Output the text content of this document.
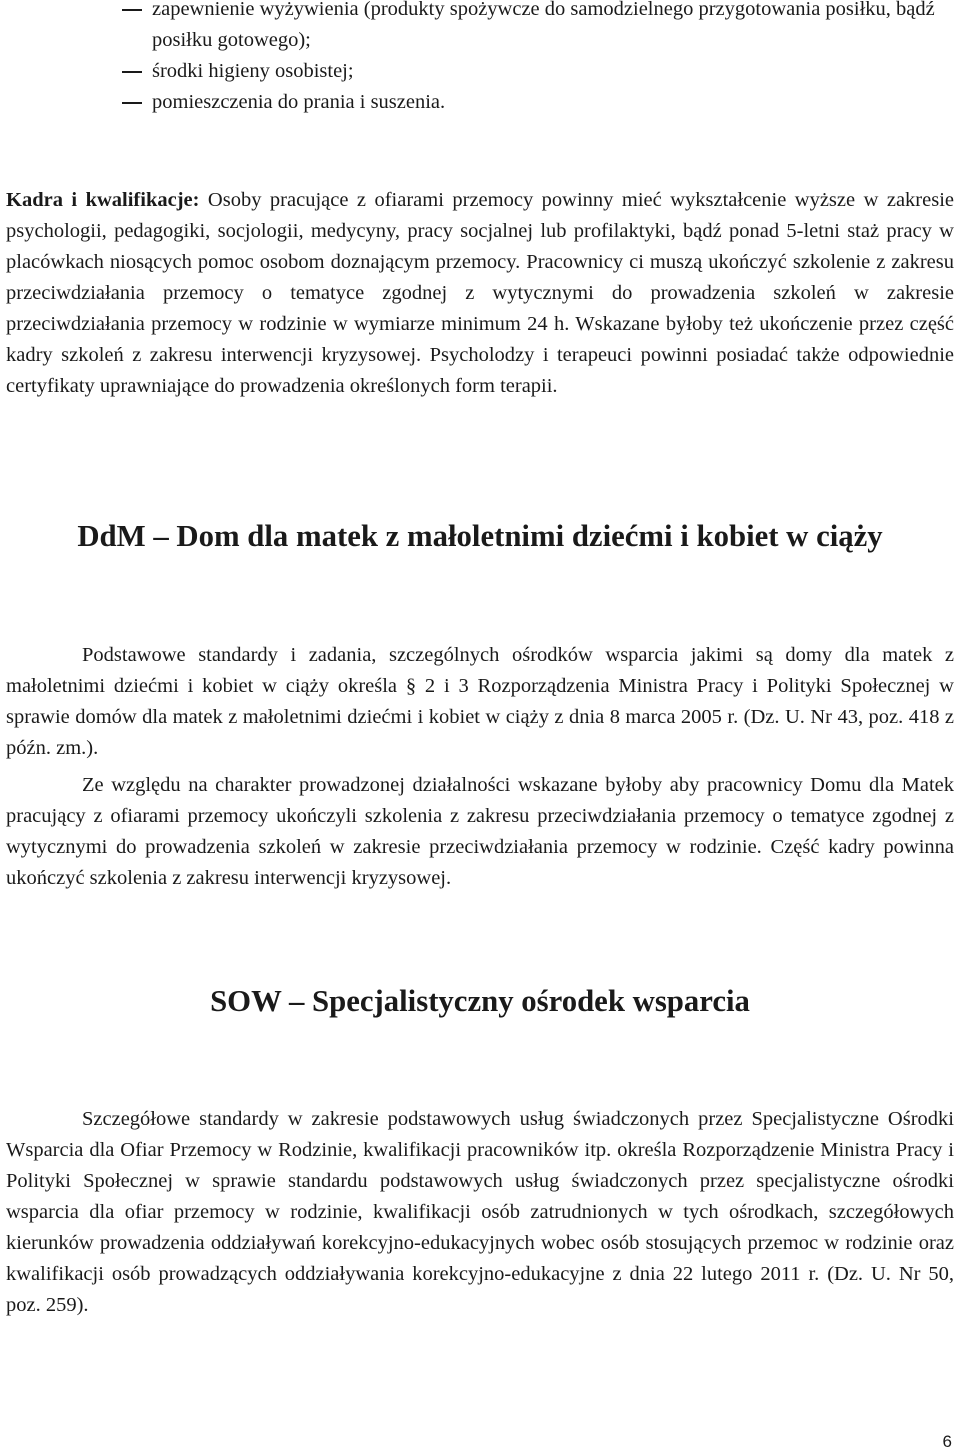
zapewnienie wyżywienia (produkty spożywcze do samodzielnego przygotowania posiłku, bądź posiłku gotowego);
środki higieny osobistej;
pomieszczenia do prania i suszenia.

Kadra i kwalifikacje: Osoby pracujące z ofiarami przemocy powinny mieć wykształcenie wyższe w zakresie psychologii, pedagogiki, socjologii, medycyny, pracy socjalnej lub profilaktyki, bądź ponad 5-letni staż pracy w placówkach niosących pomoc osobom doznającym przemocy. Pracownicy ci muszą ukończyć szkolenie z zakresu przeciwdziałania przemocy o tematyce zgodnej z wytycznymi do prowadzenia szkoleń w zakresie przeciwdziałania przemocy w rodzinie w wymiarze minimum 24 h. Wskazane byłoby też ukończenie przez część kadry szkoleń z zakresu interwencji kryzysowej. Psycholodzy i terapeuci powinni posiadać także odpowiednie certyfikaty uprawniające do prowadzenia określonych form terapii.

DdM – Dom dla matek z małoletnimi dziećmi i kobiet w ciąży

Podstawowe standardy i zadania, szczególnych ośrodków wsparcia jakimi są domy dla matek z małoletnimi dziećmi i kobiet w ciąży określa § 2 i 3 Rozporządzenia Ministra Pracy i Polityki Społecznej w sprawie domów dla matek z małoletnimi dziećmi i kobiet w ciąży z dnia 8 marca 2005 r. (Dz. U. Nr 43, poz. 418 z późn. zm.).

Ze względu na charakter prowadzonej działalności wskazane byłoby aby pracownicy Domu dla Matek pracujący z ofiarami przemocy ukończyli szkolenia z zakresu przeciwdziałania przemocy o tematyce zgodnej z wytycznymi do prowadzenia szkoleń w zakresie przeciwdziałania przemocy w rodzinie. Część kadry powinna ukończyć szkolenia z zakresu interwencji kryzysowej.

SOW – Specjalistyczny ośrodek wsparcia

Szczegółowe standardy w zakresie podstawowych usług świadczonych przez Specjalistyczne Ośrodki Wsparcia dla Ofiar Przemocy w Rodzinie, kwalifikacji pracowników itp. określa Rozporządzenie Ministra Pracy i Polityki Społecznej w sprawie standardu podstawowych usług świadczonych przez specjalistyczne ośrodki wsparcia dla ofiar przemocy w rodzinie, kwalifikacji osób zatrudnionych w tych ośrodkach, szczegółowych kierunków prowadzenia oddziaływań korekcyjno-edukacyjnych wobec osób stosujących przemoc w rodzinie oraz kwalifikacji osób prowadzących oddziaływania korekcyjno-edukacyjne z dnia 22 lutego 2011 r. (Dz. U. Nr 50, poz. 259).

6
